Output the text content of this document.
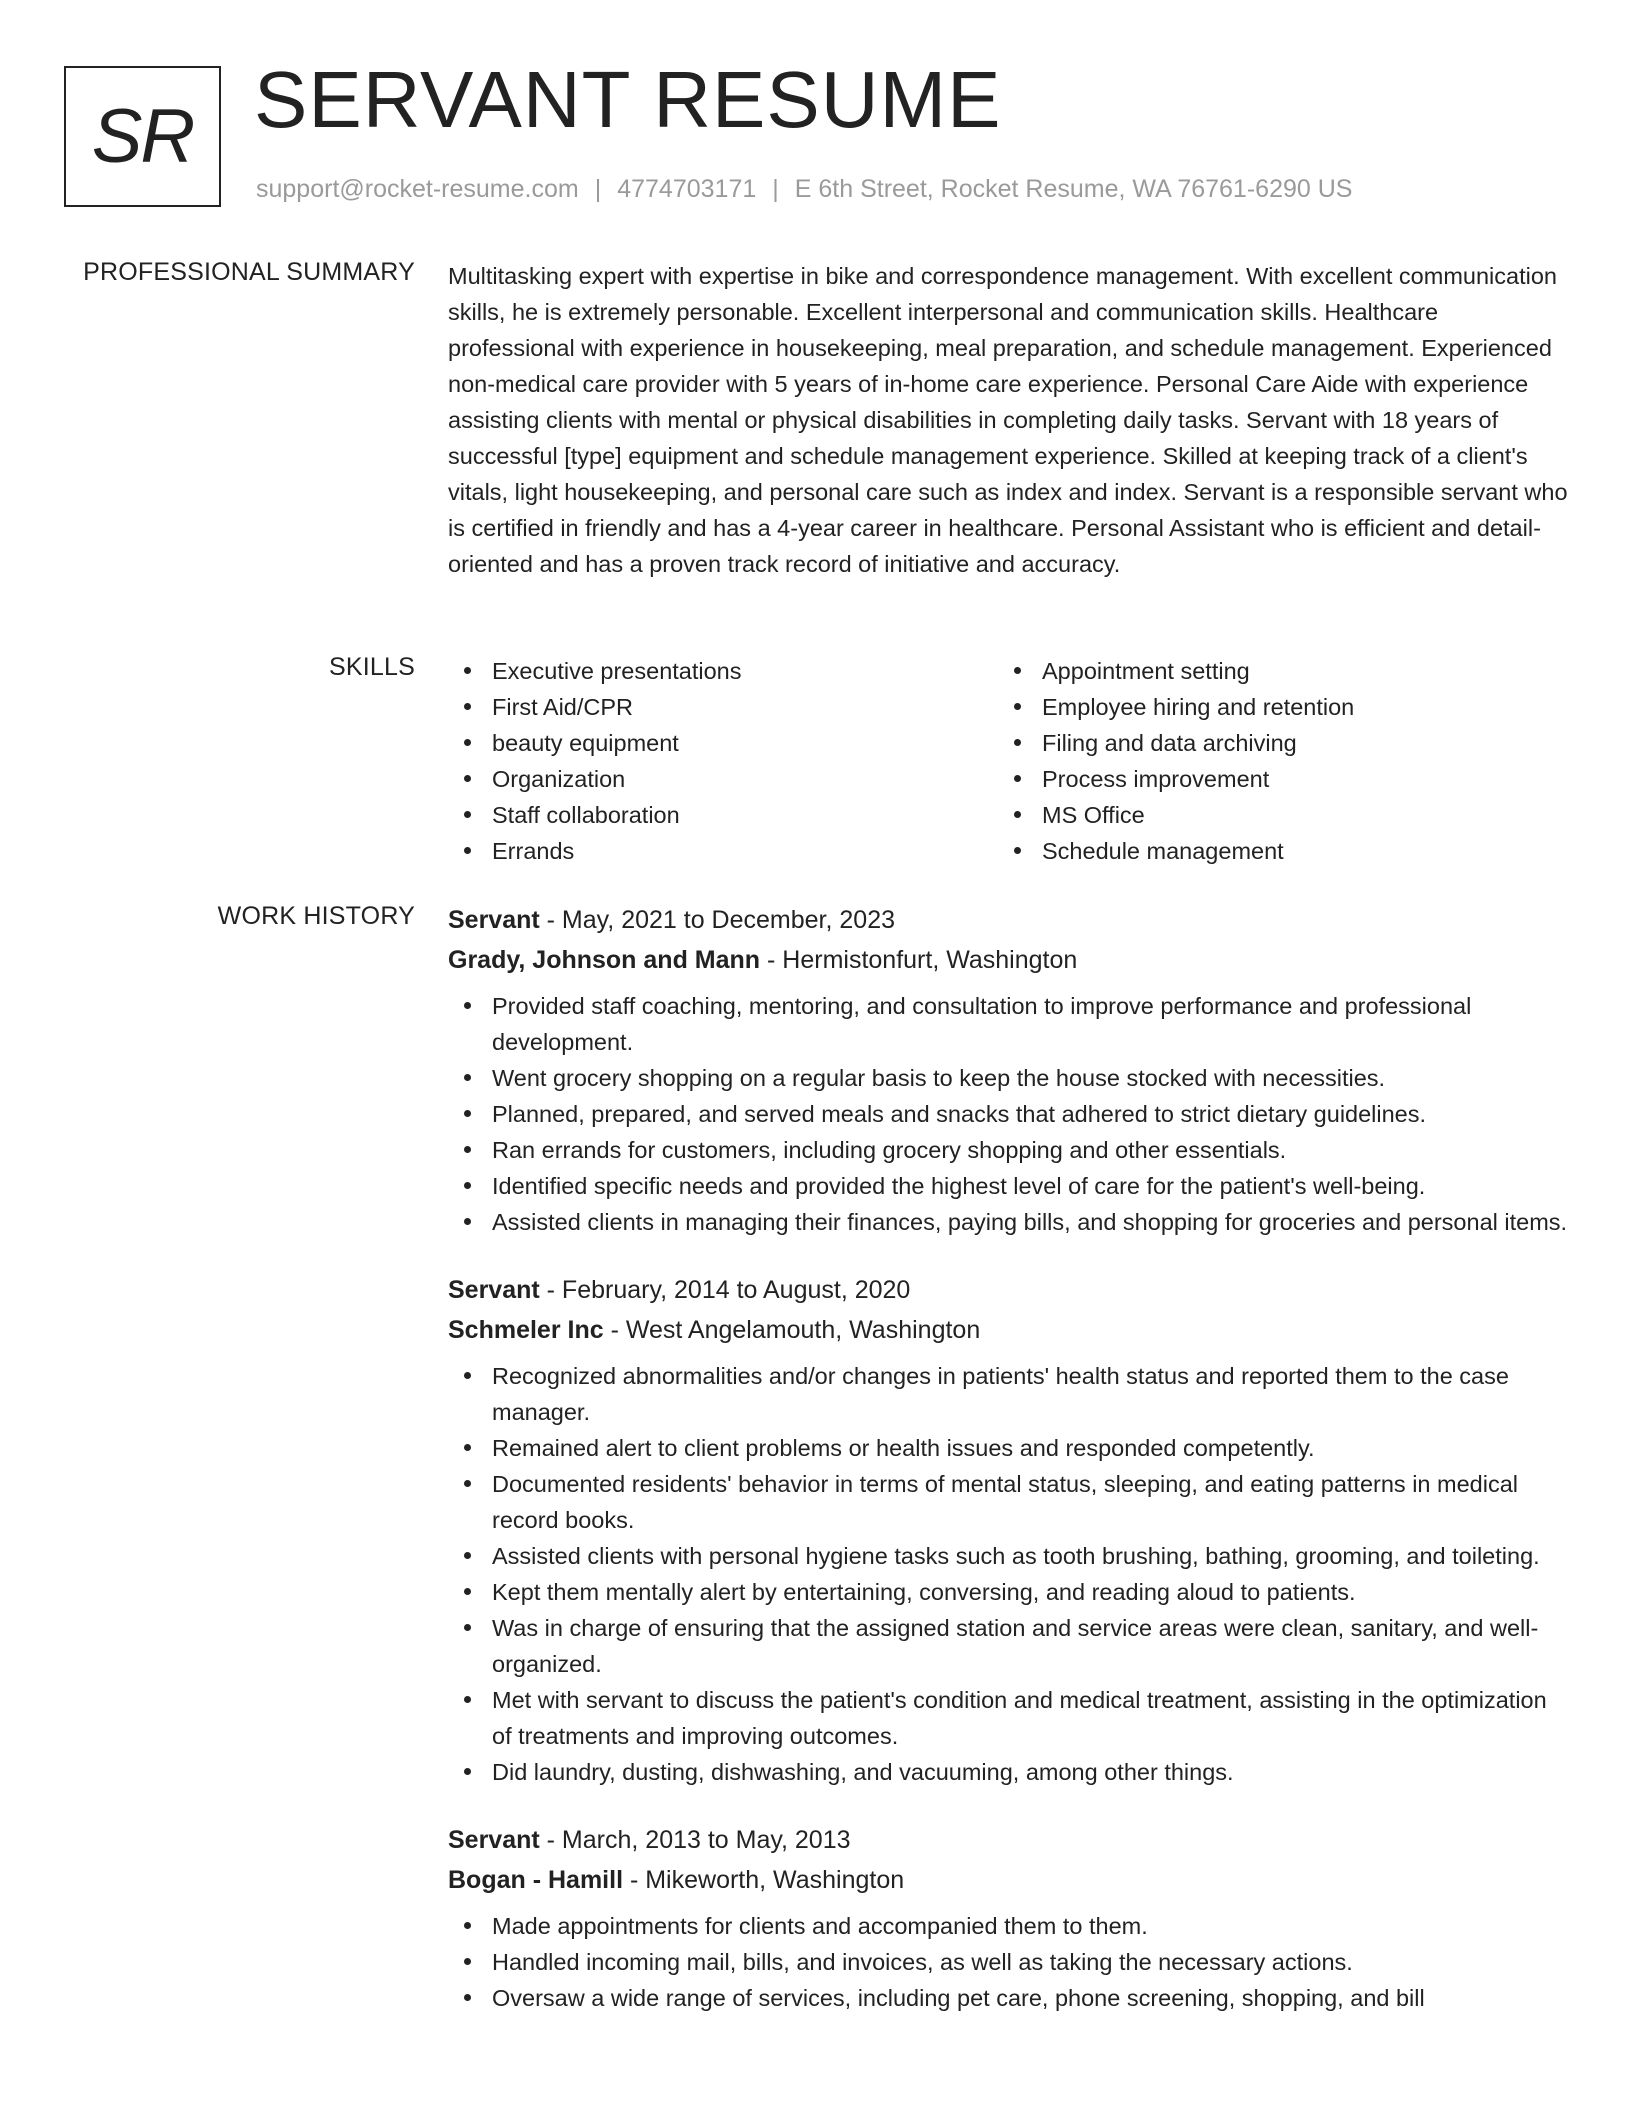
SR SERVANT RESUME
support@rocket-resume.com | 4774703171 | E 6th Street, Rocket Resume, WA 76761-6290 US
PROFESSIONAL SUMMARY Multitasking expert with expertise in bike and correspondence management. With excellent communication skills, he is extremely personable. Excellent interpersonal and communication skills. Healthcare professional with experience in housekeeping, meal preparation, and schedule management. Experienced non-medical care provider with 5 years of in-home care experience. Personal Care Aide with experience assisting clients with mental or physical disabilities in completing daily tasks. Servant with 18 years of successful [type] equipment and schedule management experience. Skilled at keeping track of a client's vitals, light housekeeping, and personal care such as index and index. Servant is a responsible servant who is certified in friendly and has a 4-year career in healthcare. Personal Assistant who is efficient and detail-oriented and has a proven track record of initiative and accuracy.

SKILLS	Executive presentations
First Aid/CPR
beauty equipment
Organization
Staff collaboration
Errands
Appointment setting
Employee hiring and retention
Filing and data archiving
Process improvement
MS Office
Schedule management
WORK HISTORY Servant - May, 2021 to December, 2023
Grady, Johnson and Mann - Hermistonfurt, Washington
Provided staff coaching, mentoring, and consultation to improve performance and professional development.
Went grocery shopping on a regular basis to keep the house stocked with necessities.
Planned, prepared, and served meals and snacks that adhered to strict dietary guidelines.
Ran errands for customers, including grocery shopping and other essentials.
Identified specific needs and provided the highest level of care for the patient's well-being.
Assisted clients in managing their finances, paying bills, and shopping for groceries and personal items.
Servant - February, 2014 to August, 2020
Schmeler Inc - West Angelamouth, Washington
Recognized abnormalities and/or changes in patients' health status and reported them to the case manager.
Remained alert to client problems or health issues and responded competently.
Documented residents' behavior in terms of mental status, sleeping, and eating patterns in medical record books.
Assisted clients with personal hygiene tasks such as tooth brushing, bathing, grooming, and toileting.
Kept them mentally alert by entertaining, conversing, and reading aloud to patients.
Was in charge of ensuring that the assigned station and service areas were clean, sanitary, and well-organized.
Met with servant to discuss the patient's condition and medical treatment, assisting in the optimization of treatments and improving outcomes.
Did laundry, dusting, dishwashing, and vacuuming, among other things.
Servant - March, 2013 to May, 2013
Bogan - Hamill - Mikeworth, Washington
Made appointments for clients and accompanied them to them.
Handled incoming mail, bills, and invoices, as well as taking the necessary actions.
Oversaw a wide range of services, including pet care, phone screening, shopping, and bill
